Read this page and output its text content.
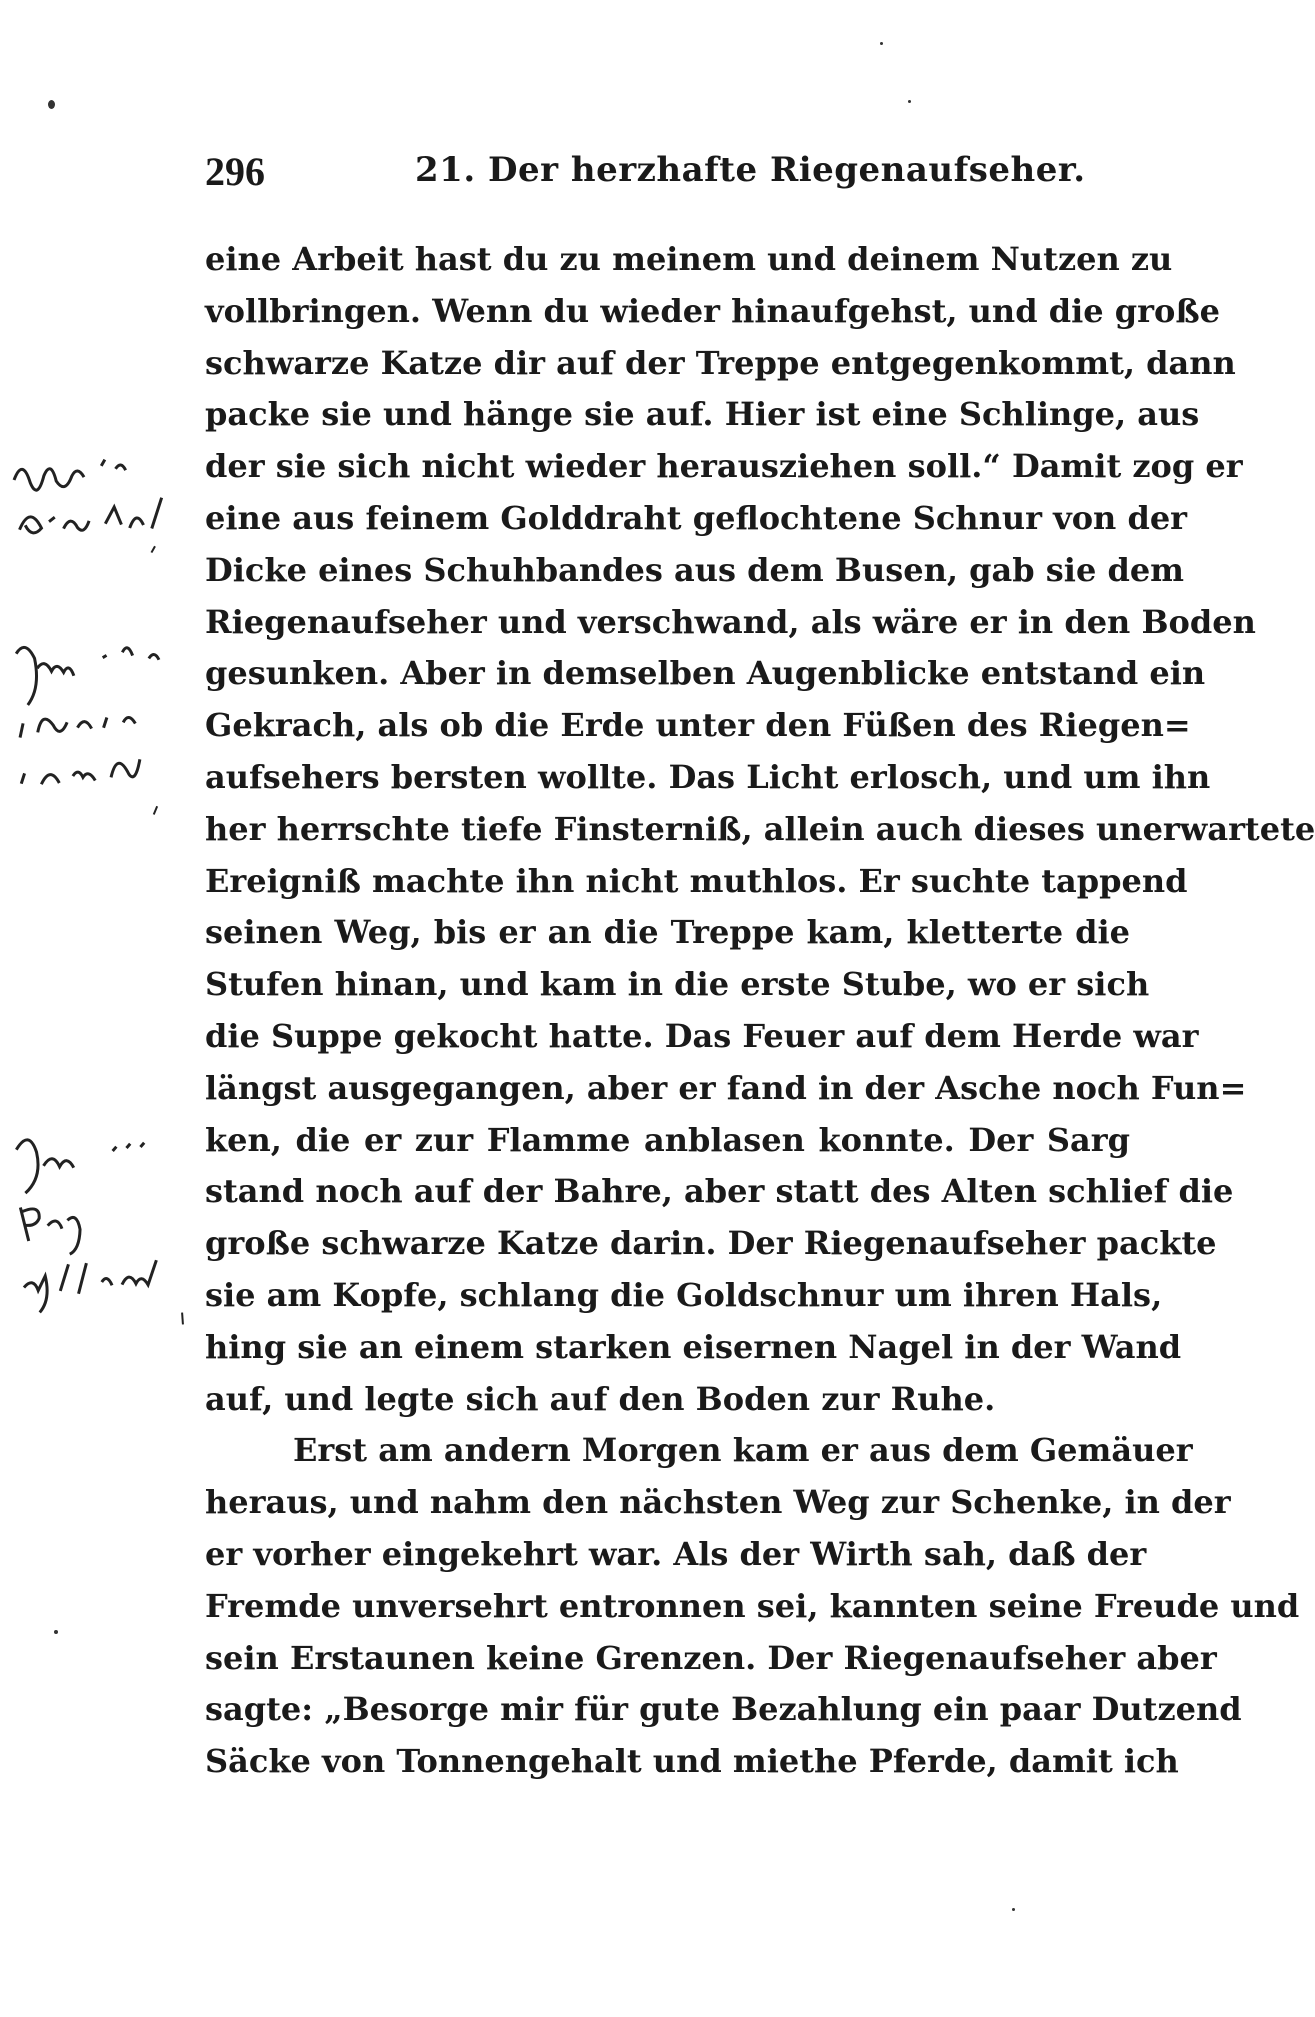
296	21. Der herzhafte Riegenaufseher.
eine Arbeit hast du zu meinem und deinem Nutzen zu
vollbringen. Wenn du wieder hinaufgehst, und die große
schwarze Katze dir auf der Treppe entgegenkommt, dann
packe sie und hänge sie auf. Hier ist eine Schlinge, aus
der sie sich nicht wieder herausziehen soll.“ Damit zog er
eine aus feinem Golddraht geflochtene Schnur von der
Dicke eines Schuhbandes aus dem Busen, gab sie dem
Riegenaufseher und verschwand, als wäre er in den Boden
gesunken. Aber in demselben Augenblicke entstand ein
Gekrach, als ob die Erde unter den Füßen des Riegen=
aufsehers bersten wollte. Das Licht erlosch, und um ihn
her herrschte tiefe Finsterniß, allein auch dieses unerwartete
Ereigniß machte ihn nicht muthlos. Er suchte tappend
seinen Weg, bis er an die Treppe kam, kletterte die
Stufen hinan, und kam in die erste Stube, wo er sich
die Suppe gekocht hatte. Das Feuer auf dem Herde war
längst ausgegangen, aber er fand in der Asche noch Fun=
ken, die er zur Flamme anblasen konnte. Der Sarg
stand noch auf der Bahre, aber statt des Alten schlief die
große schwarze Katze darin. Der Riegenaufseher packte
sie am Kopfe, schlang die Goldschnur um ihren Hals,
hing sie an einem starken eisernen Nagel in der Wand
auf, und legte sich auf den Boden zur Ruhe.
Erst am andern Morgen kam er aus dem Gemäuer
heraus, und nahm den nächsten Weg zur Schenke, in der
er vorher eingekehrt war. Als der Wirth sah, daß der
Fremde unversehrt entronnen sei, kannten seine Freude und
sein Erstaunen keine Grenzen. Der Riegenaufseher aber
sagte: „Besorge mir für gute Bezahlung ein paar Dutzend
Säcke von Tonnengehalt und miethe Pferde, damit ich
